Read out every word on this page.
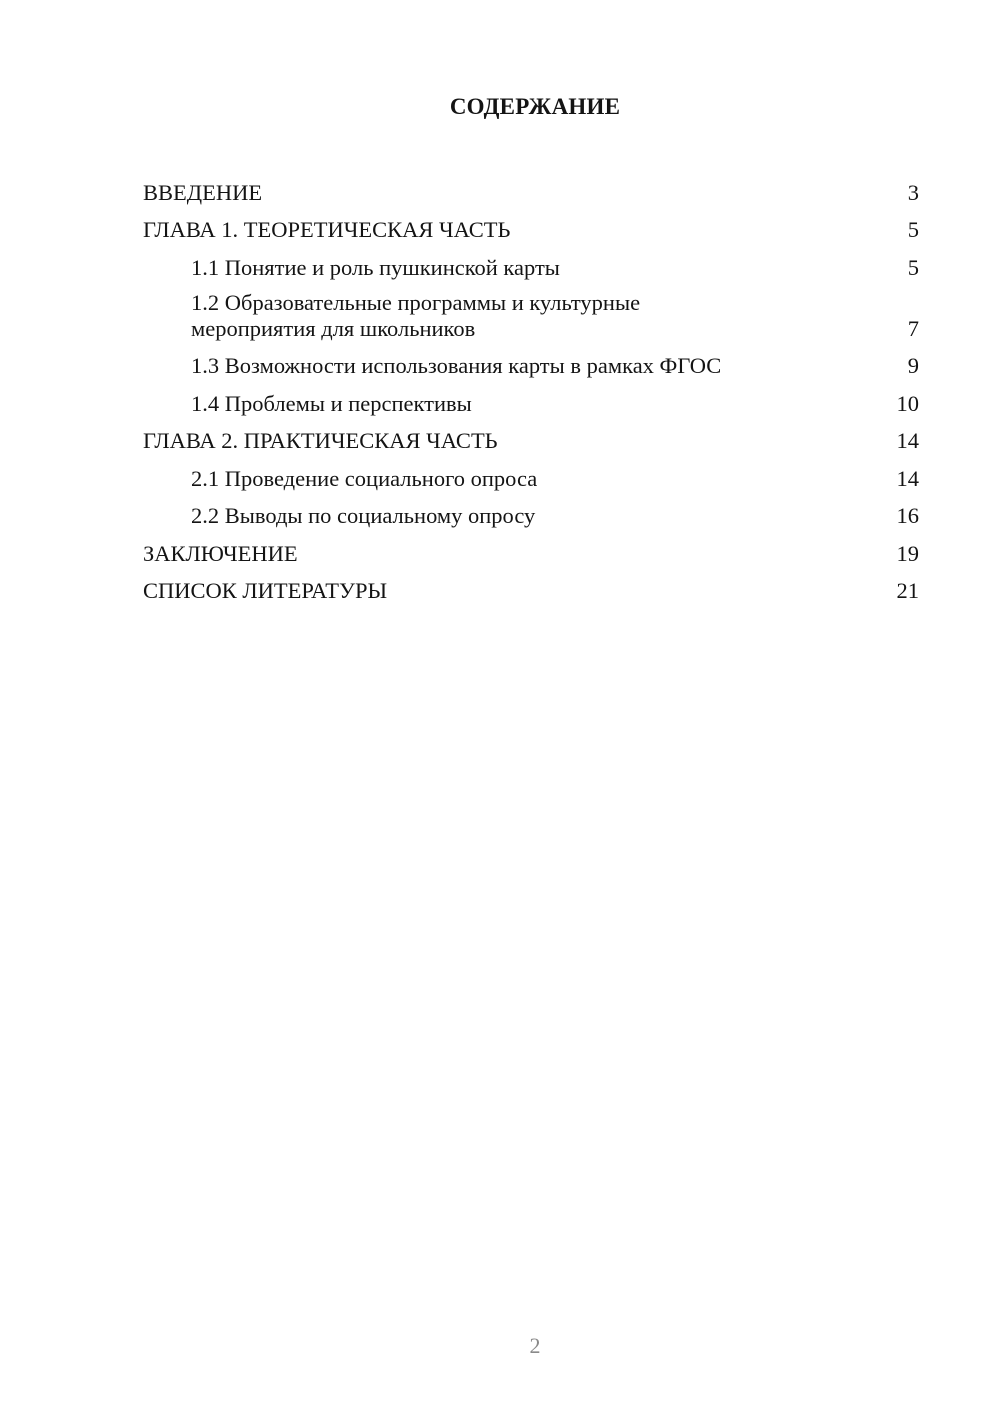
СОДЕРЖАНИЕ
ВВЕДЕНИЕ	3
ГЛАВА 1. ТЕОРЕТИЧЕСКАЯ ЧАСТЬ	5
1.1 Понятие и роль пушкинской карты	5
1.2 Образовательные программы и культурные мероприятия для школьников	7
1.3 Возможности использования карты в рамках ФГОС	9
1.4 Проблемы и перспективы	10
ГЛАВА 2. ПРАКТИЧЕСКАЯ ЧАСТЬ	14
2.1 Проведение социального опроса	14
2.2 Выводы по социальному опросу	16
ЗАКЛЮЧЕНИЕ	19
СПИСОК ЛИТЕРАТУРЫ	21
2
